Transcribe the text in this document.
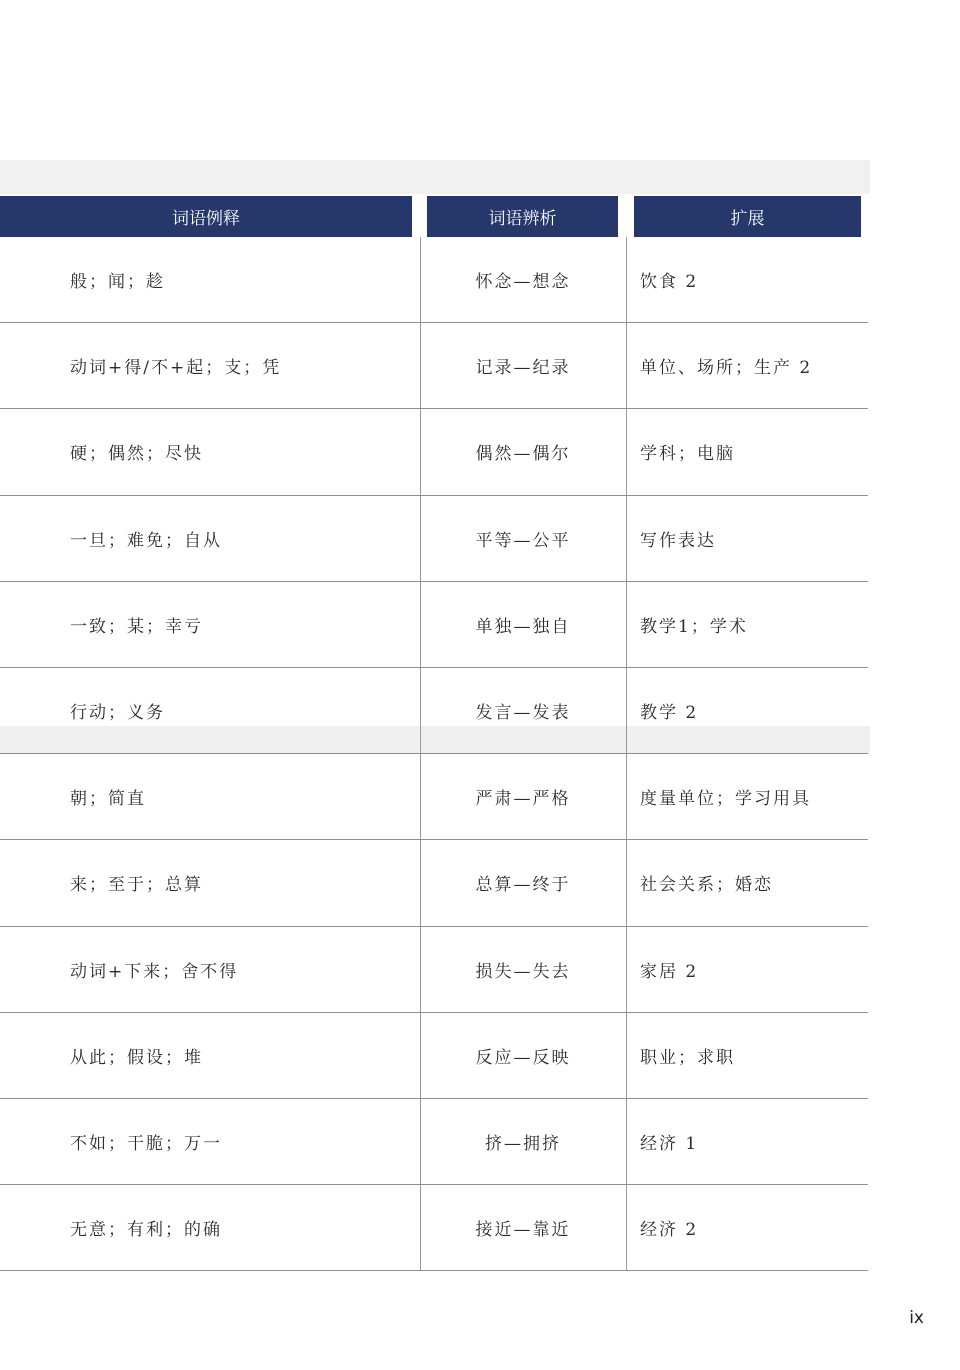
词语例释	词语辨析	扩展
般；闻；趁	怀念—想念	饮食 2
动词+得/不+起；支；凭	记录—纪录	单位、场所；生产 2
硬；偶然；尽快	偶然—偶尔	学科；电脑
一旦；难免；自从	平等—公平	写作表达
一致；某；幸亏	单独—独自	教学1；学术
行动；义务	发言—发表	教学 2
朝；简直	严肃—严格	度量单位；学习用具
来；至于；总算	总算—终于	社会关系；婚恋
动词+下来；舍不得	损失—失去	家居 2
从此；假设；堆	反应—反映	职业；求职
不如；干脆；万一	挤—拥挤	经济 1
无意；有利；的确	接近—靠近	经济 2
ix
